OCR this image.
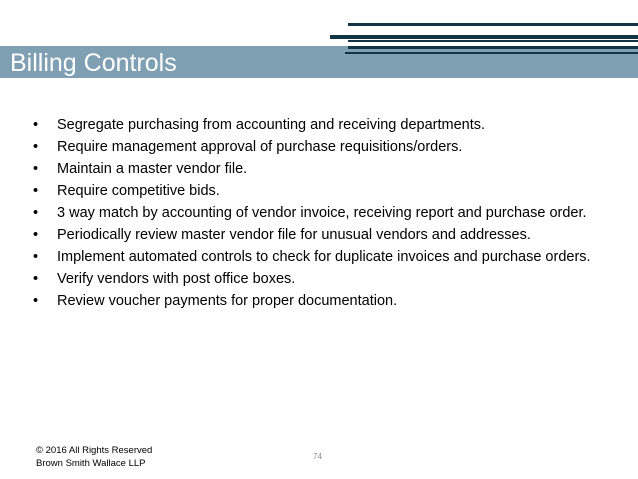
Billing Controls
•	Segregate purchasing from accounting and receiving departments.
•	Require management approval of purchase requisitions/orders.
•	Maintain a master vendor file.
•	Require competitive bids.
•	3 way match by accounting of vendor invoice, receiving report and purchase order.
•	Periodically review master vendor file for unusual vendors and addresses.
•	Implement automated controls to check for duplicate invoices and purchase orders.
•	Verify vendors with post office boxes.
•	Review voucher payments for proper documentation.
© 2016 All Rights Reserved
Brown Smith Wallace LLP
74
